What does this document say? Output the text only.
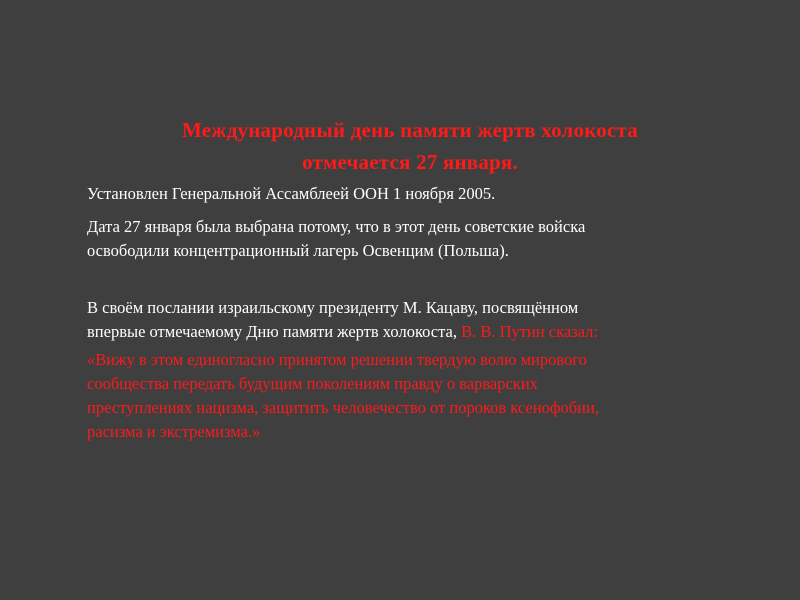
Международный день памяти жертв холокоста
отмечается 27 января.
Установлен Генеральной Ассамблеей ООН 1 ноября 2005.
Дата 27 января была выбрана потому, что в этот день советские войска
освободили концентрационный лагерь Освенцим (Польша).
В своём послании израильскому президенту М. Кацаву, посвящённом
впервые отмечаемому Дню памяти жертв холокоста, В. В. Путин сказал:
«Вижу в этом единогласно принятом решении твердую волю мирового
сообщества передать будущим поколениям правду о варварских
преступлениях нацизма, защитить человечество от пороков ксенофобии,
расизма и экстремизма.»
